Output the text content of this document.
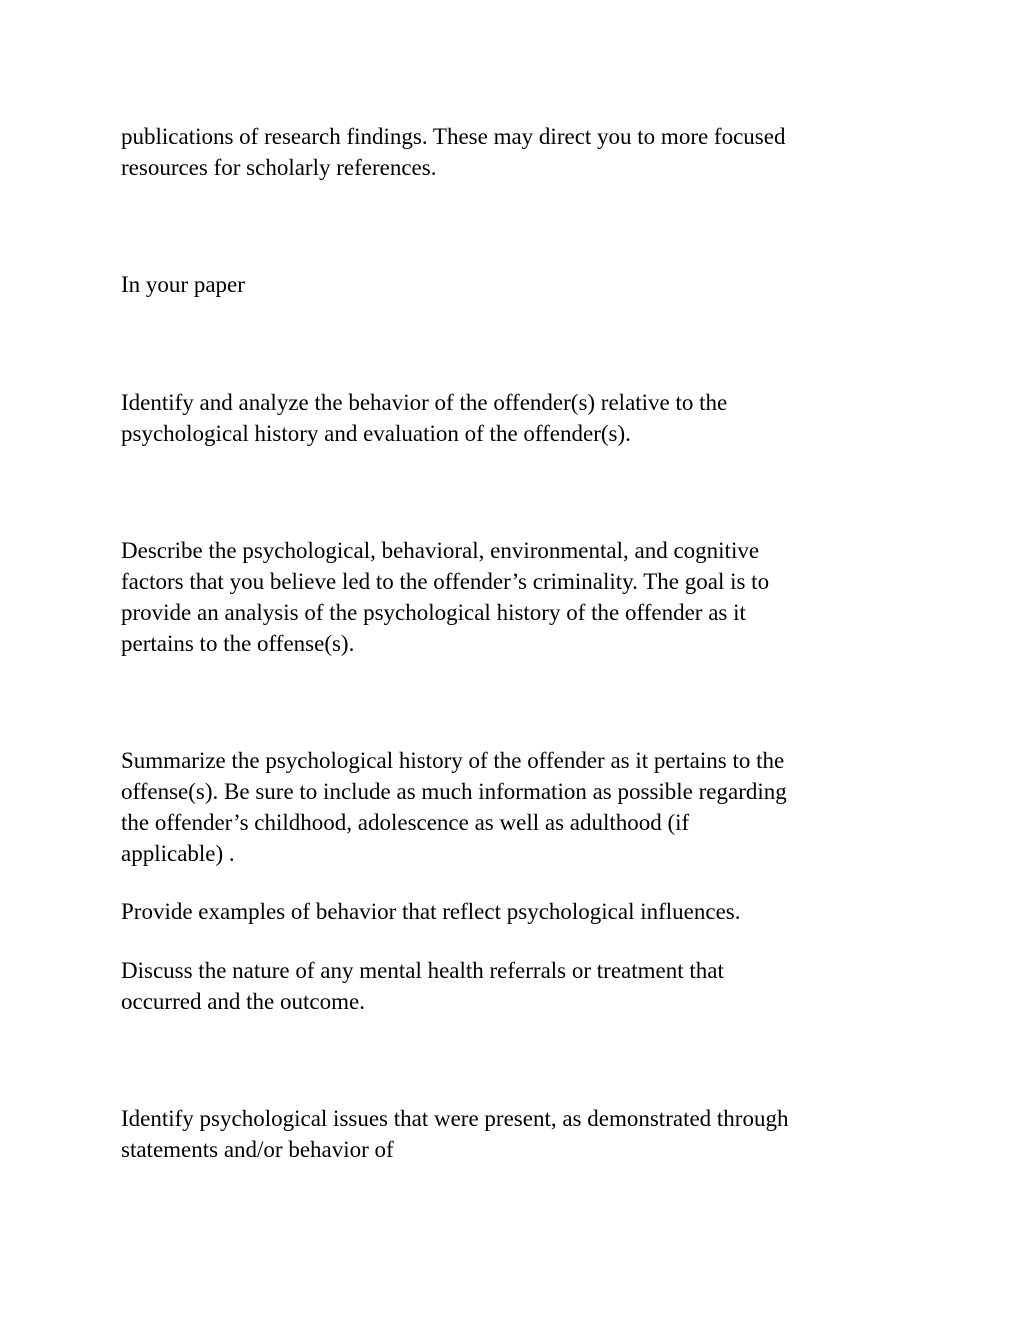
publications of research findings. These may direct you to more focused
resources for scholarly references.

In your paper

Identify and analyze the behavior of the offender(s) relative to the
psychological history and evaluation of the offender(s).

Describe the psychological, behavioral, environmental, and cognitive
factors that you believe led to the offender’s criminality. The goal is to
provide an analysis of the psychological history of the offender as it
pertains to the offense(s).

Summarize the psychological history of the offender as it pertains to the
offense(s). Be sure to include as much information as possible regarding
the offender’s childhood, adolescence as well as adulthood (if
applicable) .

Provide examples of behavior that reflect psychological influences.

Discuss the nature of any mental health referrals or treatment that
occurred and the outcome.

Identify psychological issues that were present, as demonstrated through
statements and/or behavior of
